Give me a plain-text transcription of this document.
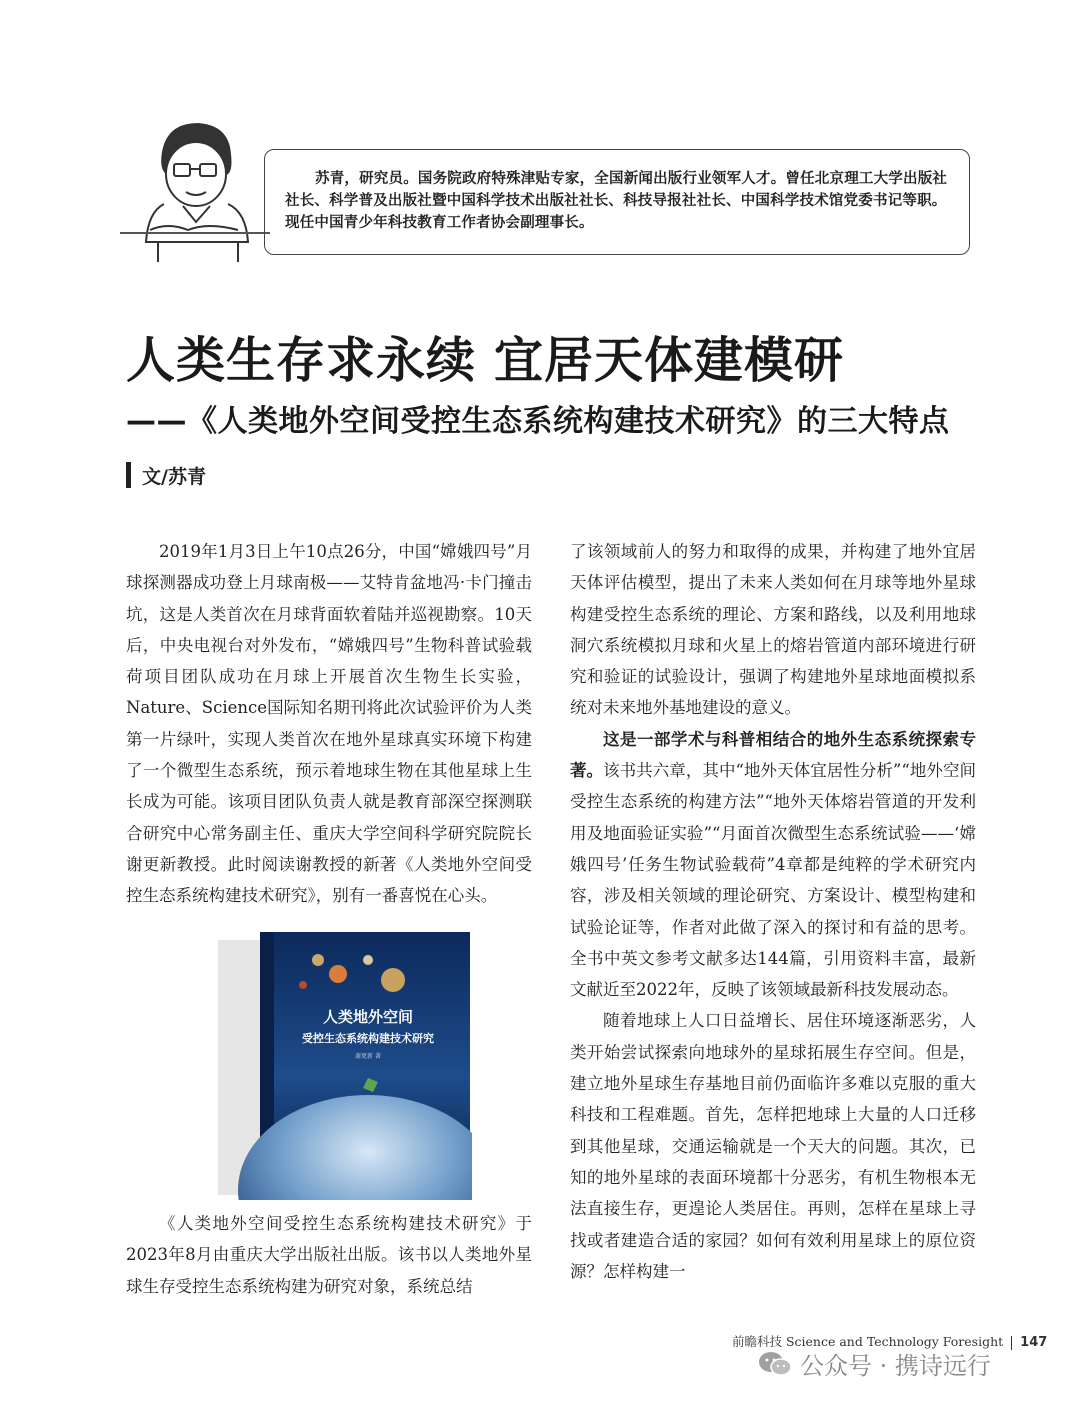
苏青，研究员。国务院政府特殊津贴专家，全国新闻出版行业领军人才。曾任北京理工大学出版社社长、科学普及出版社暨中国科学技术出版社社长、科技导报社社长、中国科学技术馆党委书记等职。现任中国青少年科技教育工作者协会副理事长。
人类生存求永续 宜居天体建模研
——《人类地外空间受控生态系统构建技术研究》的三大特点
文/苏青

2019年1月3日上午10点26分，中国“嫦娥四号”月球探测器成功登上月球南极——艾特肯盆地冯·卡门撞击坑，这是人类首次在月球背面软着陆并巡视勘察。10天后，中央电视台对外发布，“嫦娥四号”生物科普试验载荷项目团队成功在月球上开展首次生物生长实验，Nature、Science国际知名期刊将此次试验评价为人类第一片绿叶，实现人类首次在地外星球真实环境下构建了一个微型生态系统，预示着地球生物在其他星球上生长成为可能。该项目团队负责人就是教育部深空探测联合研究中心常务副主任、重庆大学空间科学研究院院长谢更新教授。此时阅读谢教授的新著《人类地外空间受控生态系统构建技术研究》，别有一番喜悦在心头。

人类地外空间
受控生态系统构建技术研究
谢更新 著

《人类地外空间受控生态系统构建技术研究》于2023年8月由重庆大学出版社出版。该书以人类地外星球生存受控生态系统构建为研究对象，系统总结

了该领域前人的努力和取得的成果，并构建了地外宜居天体评估模型，提出了未来人类如何在月球等地外星球构建受控生态系统的理论、方案和路线，以及利用地球洞穴系统模拟月球和火星上的熔岩管道内部环境进行研究和验证的试验设计，强调了构建地外星球地面模拟系统对未来地外基地建设的意义。

这是一部学术与科普相结合的地外生态系统探索专著。该书共六章，其中“地外天体宜居性分析”“地外空间受控生态系统的构建方法”“地外天体熔岩管道的开发利用及地面验证实验”“月面首次微型生态系统试验——‘嫦娥四号’任务生物试验载荷”4章都是纯粹的学术研究内容，涉及相关领域的理论研究、方案设计、模型构建和试验论证等，作者对此做了深入的探讨和有益的思考。全书中英文参考文献多达144篇，引用资料丰富，最新文献近至2022年，反映了该领域最新科技发展动态。

随着地球上人口日益增长、居住环境逐渐恶劣，人类开始尝试探索向地球外的星球拓展生存空间。但是，建立地外星球生存基地目前仍面临许多难以克服的重大科技和工程难题。首先，怎样把地球上大量的人口迁移到其他星球，交通运输就是一个天大的问题。其次，已知的地外星球的表面环境都十分恶劣，有机生物根本无法直接生存，更遑论人类居住。再则，怎样在星球上寻找或者建造合适的家园？如何有效利用星球上的原位资源？怎样构建一

前瞻科技 Science and Technology Foresight 147
公众号 · 携诗远行
